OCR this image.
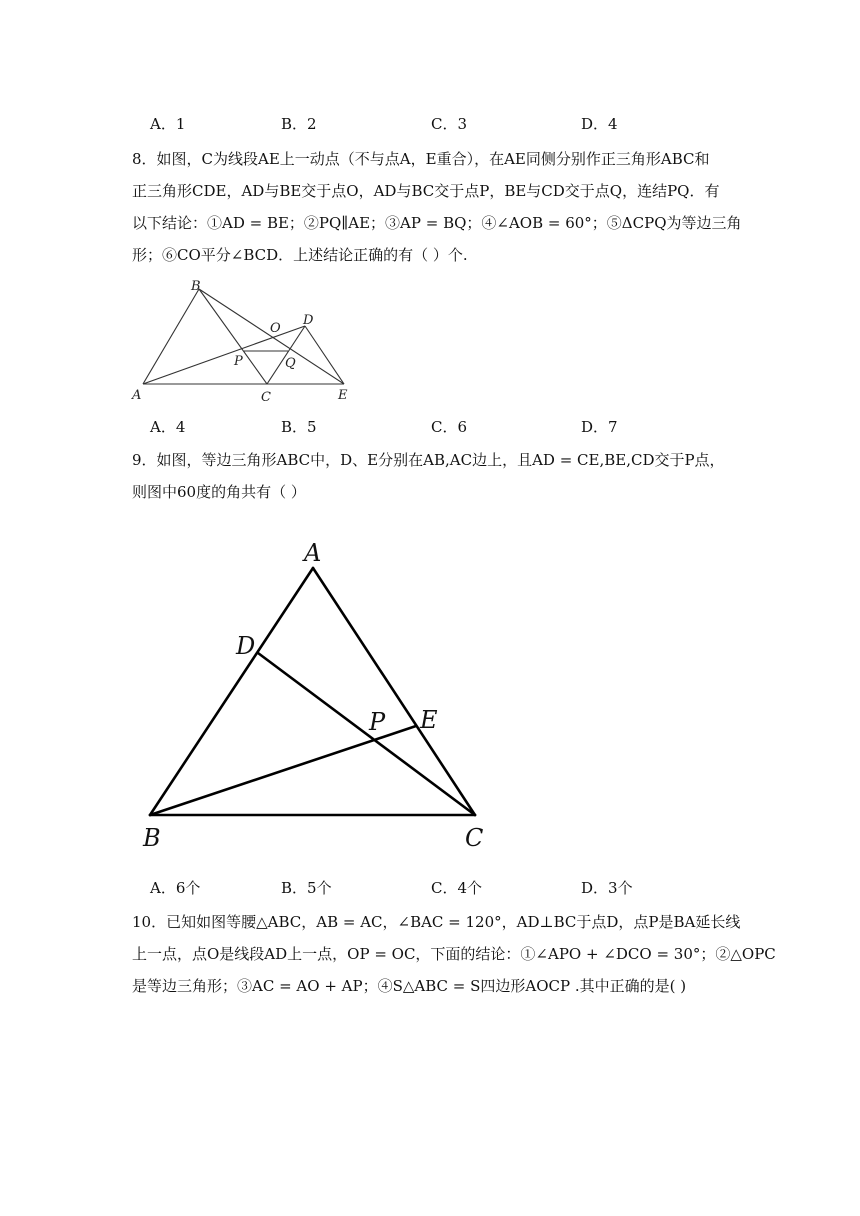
A．1	B．2	C．3	D．4
8．如图，C为线段AE上一动点（不与点A，E重合），在AE同侧分别作正三角形ABC和
正三角形CDE，AD与BE交于点O，AD与BC交于点P，BE与CD交于点Q，连结PQ．有
以下结论：①AD = BE；②PQ∥AE；③AP = BQ；④∠AOB = 60°；⑤ΔCPQ为等边三角
形；⑥CO平分∠BCD．上述结论正确的有（ ）个.
B
O
D
P	Q
A	C	E
A．4	B．5	C．6	D．7
9．如图，等边三角形ABC中，D、E分别在AB,AC边上，且AD = CE,BE,CD交于P点，
则图中60度的角共有（ ）
A
D
P E
B	C
A．6个	B．5个	C．4个	D．3个
10．已知如图等腰△ABC，AB = AC，∠BAC = 120°，AD⊥BC于点D，点P是BA延长线
上一点，点O是线段AD上一点，OP = OC，下面的结论：①∠APO + ∠DCO = 30°；②△OPC
是等边三角形；③AC = AO + AP；④S△ABC = S四边形AOCP .其中正确的是( )
